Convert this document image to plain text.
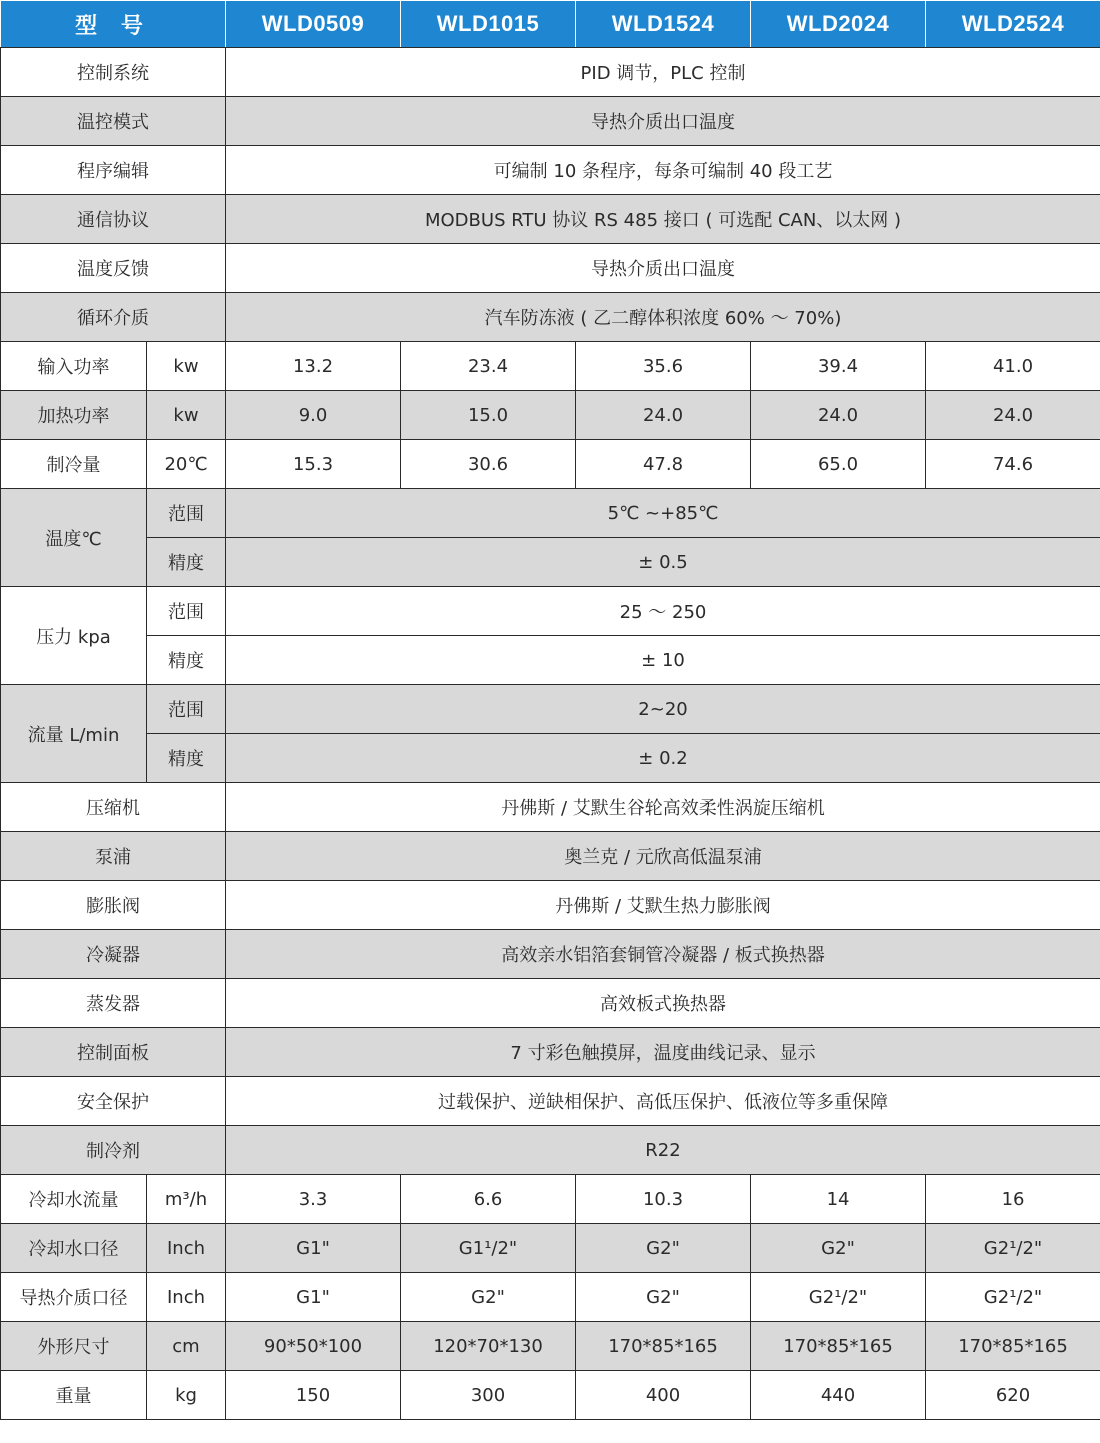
型 号		WLD0509	WLD1015	WLD1524	WLD2024	WLD2524
控制系统		PID 调节，PLC 控制				
温控模式		导热介质出口温度				
程序编辑		可编制 10 条程序，每条可编制 40 段工艺				
通信协议		MODBUS RTU 协议 RS 485 接口 ( 可选配 CAN、以太网 )				
温度反馈		导热介质出口温度				
循环介质		汽车防冻液 ( 乙二醇体积浓度 60% ～ 70%)				
输入功率	kw	13.2	23.4	35.6	39.4	41.0
加热功率	kw	9.0	15.0	24.0	24.0	24.0
制冷量	20℃	15.3	30.6	47.8	65.0	74.6
温度℃	范围	5℃ ~+85℃				
	精度	± 0.5				
压力 kpa	范围	25 ～ 250				
	精度	± 10				
流量 L/min	范围	2~20				
	精度	± 0.2				
压缩机		丹佛斯 / 艾默生谷轮高效柔性涡旋压缩机				
泵浦		奥兰克 / 元欣高低温泵浦				
膨胀阀		丹佛斯 / 艾默生热力膨胀阀				
冷凝器		高效亲水铝箔套铜管冷凝器 / 板式换热器				
蒸发器		高效板式换热器				
控制面板		7 寸彩色触摸屏，温度曲线记录、显示				
安全保护		过载保护、逆缺相保护、高低压保护、低液位等多重保障				
制冷剂		R22				
冷却水流量	m³/h	3.3	6.6	10.3	14	16
冷却水口径	Inch	G1"	G1¹/2"	G2"	G2"	G2¹/2"
导热介质口径	Inch	G1"	G2"	G2"	G2¹/2"	G2¹/2"
外形尺寸	cm	90*50*100	120*70*130	170*85*165	170*85*165	170*85*165
重量	kg	150	300	400	440	620
